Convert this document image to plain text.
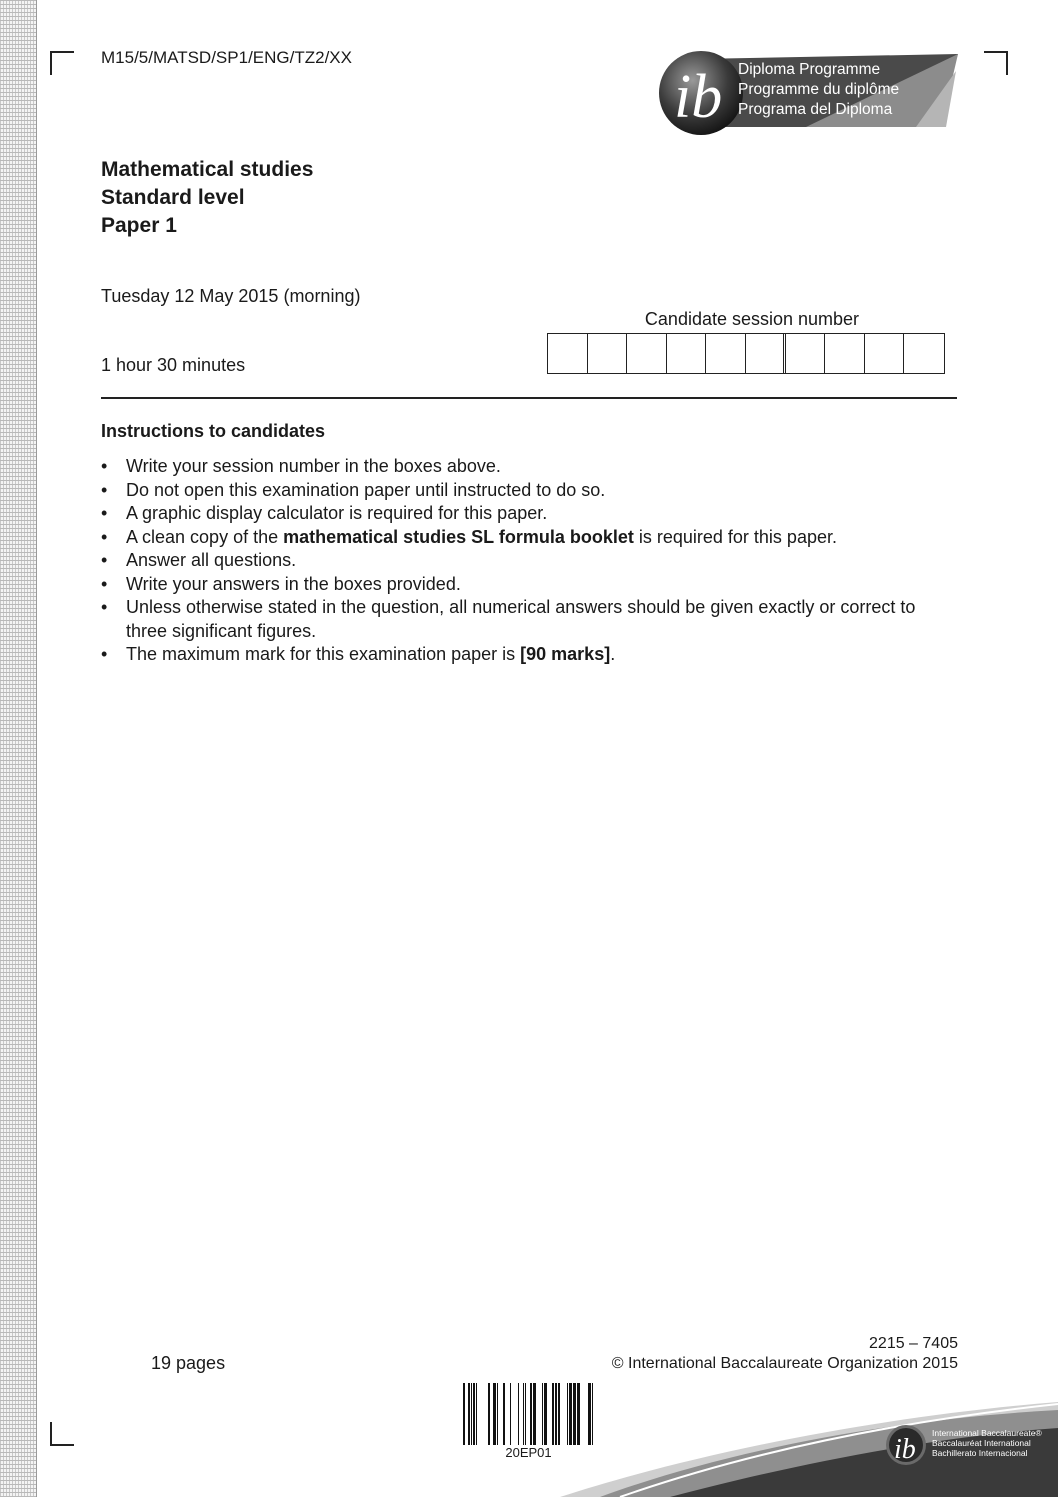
M15/5/MATSD/SP1/ENG/TZ2/XX
ib Diploma Programme
Programme du diplôme
Programa del Diploma
Mathematical studies
Standard level
Paper 1
Tuesday 12 May 2015 (morning)
1 hour 30 minutes
Candidate session number
Instructions to candidates
• Write your session number in the boxes above.
• Do not open this examination paper until instructed to do so.
• A graphic display calculator is required for this paper.
• A clean copy of the mathematical studies SL formula booklet is required for this paper.
• Answer all questions.
• Write your answers in the boxes provided.
• Unless otherwise stated in the question, all numerical answers should be given exactly or correct to three significant figures.
• The maximum mark for this examination paper is [90 marks].
19 pages
2215 – 7405
© International Baccalaureate Organization 2015
20EP01	ib
International Baccalaureate®
Baccalauréat International
Bachillerato Internacional
